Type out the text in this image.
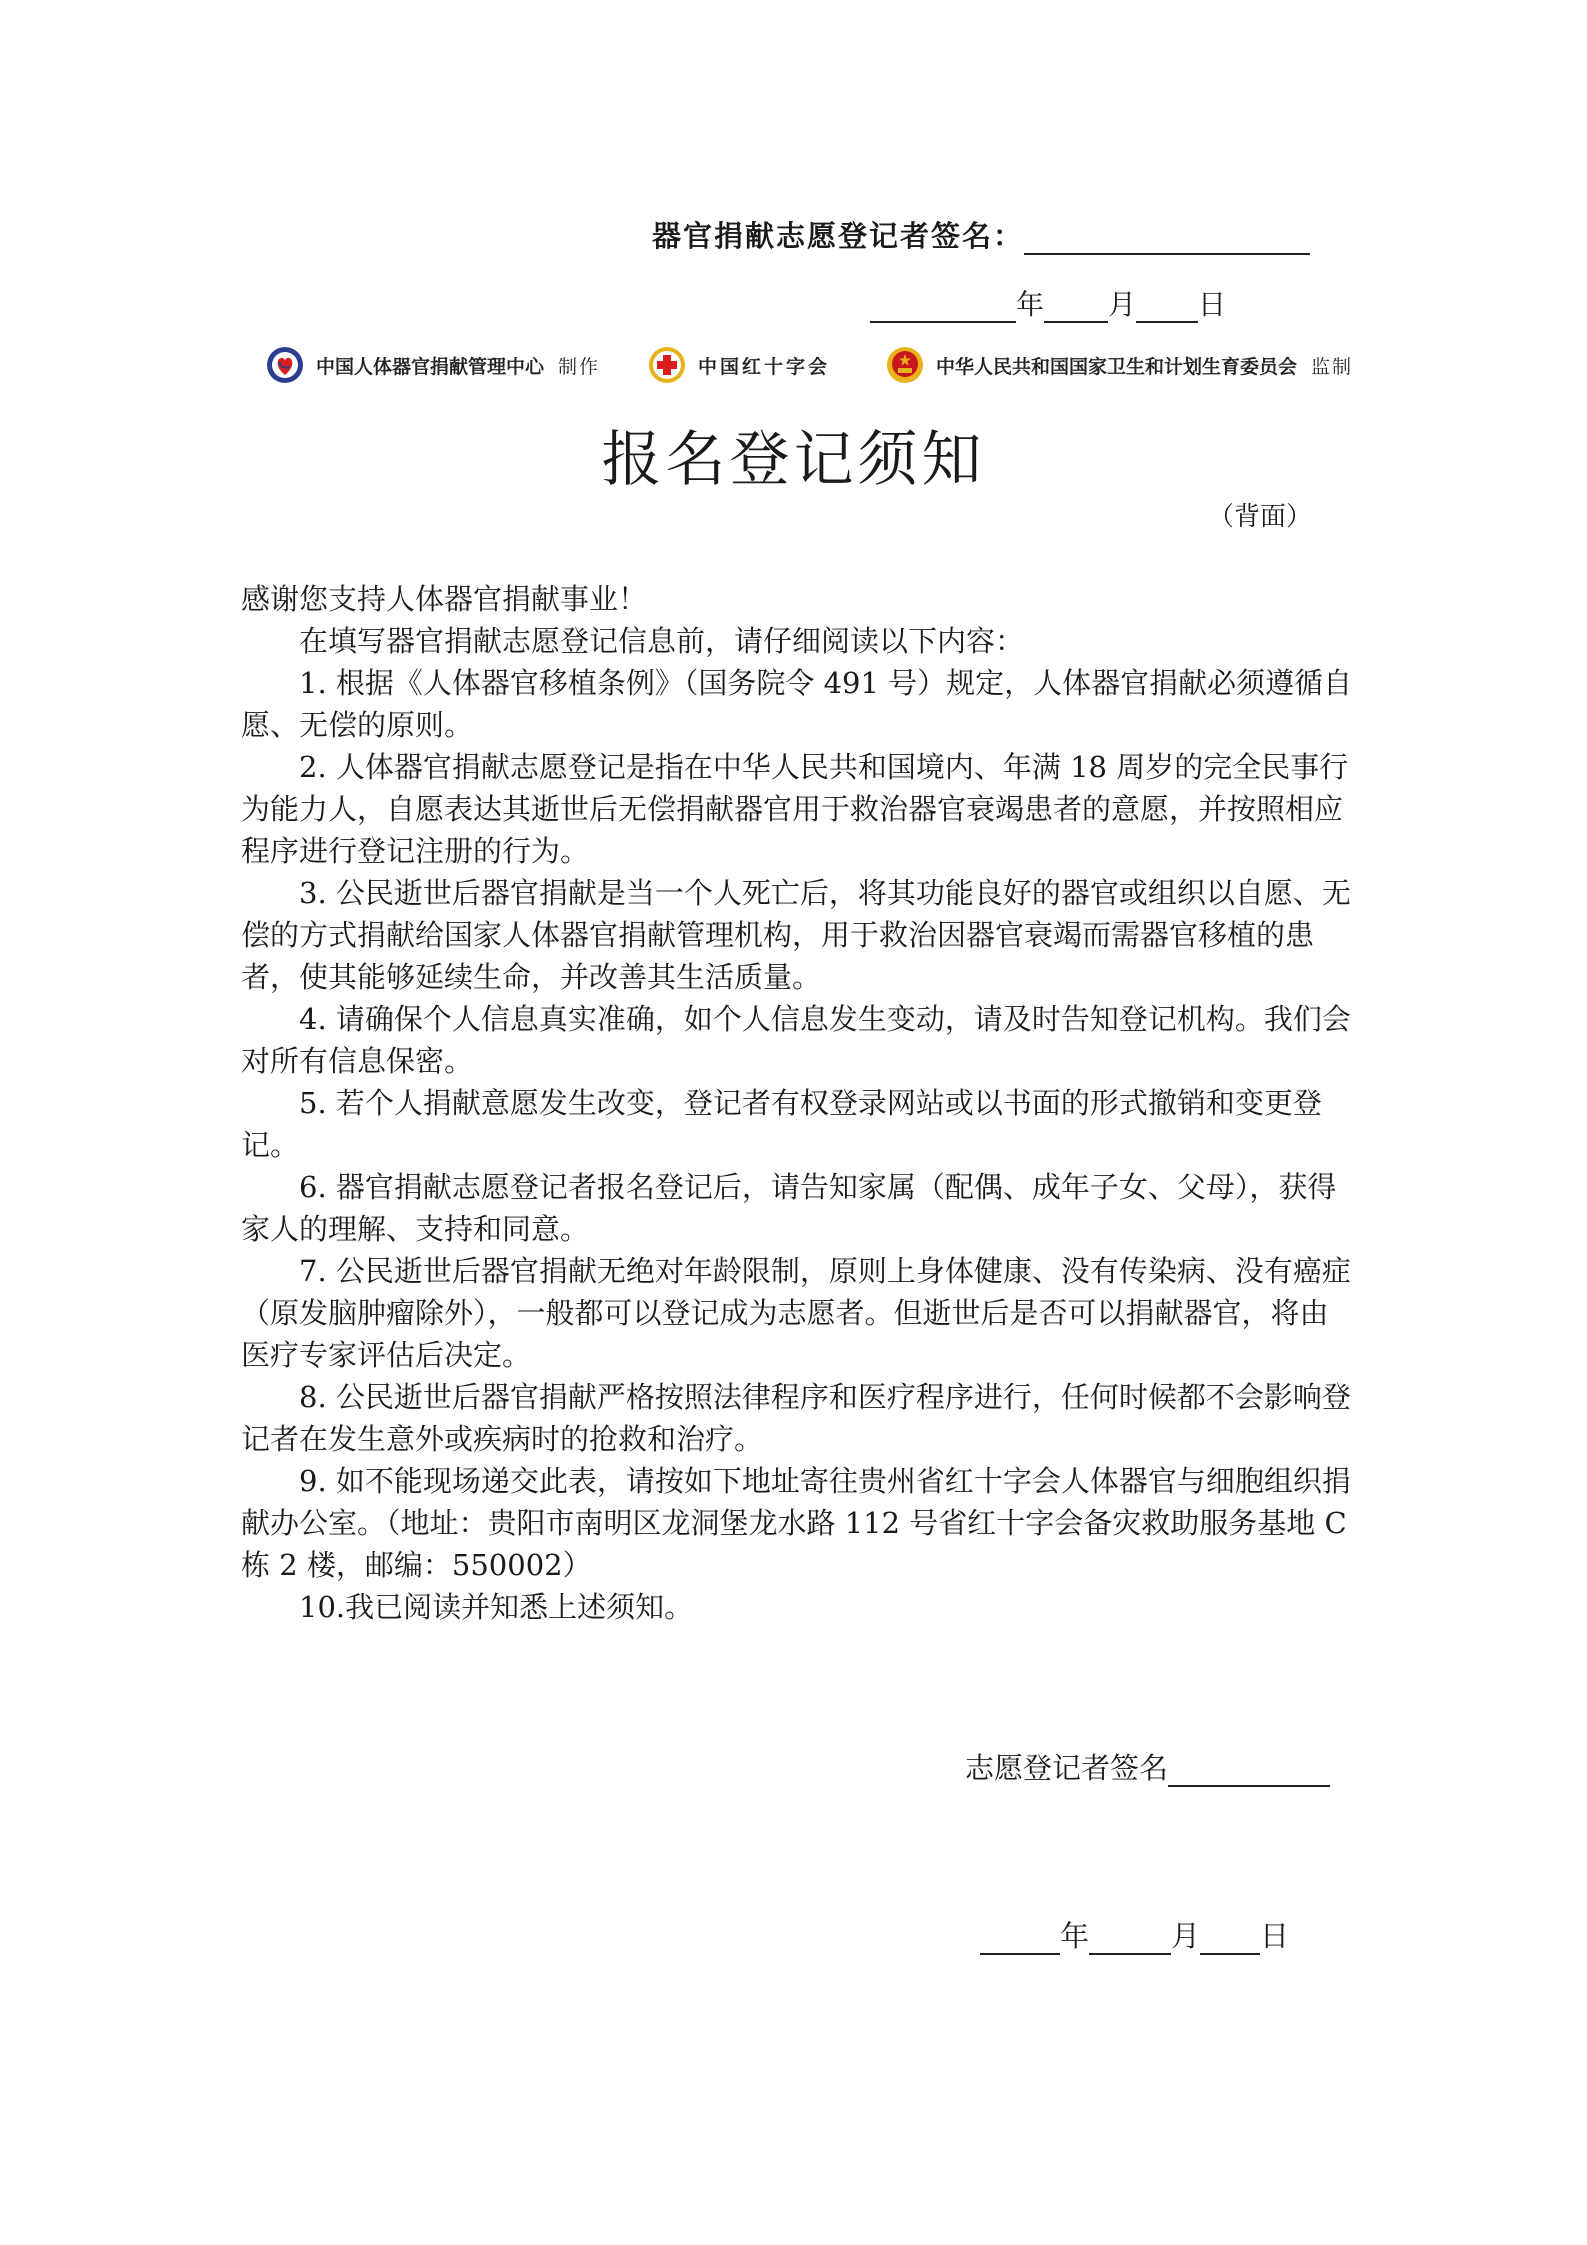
器官捐献志愿登记者签名：
年 月 日
中国人体器官捐献管理中心 制作	中国红十字会	中华人民共和国国家卫生和计划生育委员会 监制
报名登记须知
（背面）

感谢您支持人体器官捐献事业！

在填写器官捐献志愿登记信息前，请仔细阅读以下内容：

1. 根据《人体器官移植条例》（国务院令 491 号）规定，人体器官捐献必须遵循自愿、无偿的原则。

2. 人体器官捐献志愿登记是指在中华人民共和国境内、年满 18 周岁的完全民事行为能力人，自愿表达其逝世后无偿捐献器官用于救治器官衰竭患者的意愿，并按照相应程序进行登记注册的行为。

3. 公民逝世后器官捐献是当一个人死亡后，将其功能良好的器官或组织以自愿、无偿的方式捐献给国家人体器官捐献管理机构，用于救治因器官衰竭而需器官移植的患者，使其能够延续生命，并改善其生活质量。

4. 请确保个人信息真实准确，如个人信息发生变动，请及时告知登记机构。我们会对所有信息保密。

5. 若个人捐献意愿发生改变，登记者有权登录网站或以书面的形式撤销和变更登记。

6. 器官捐献志愿登记者报名登记后，请告知家属（配偶、成年子女、父母），获得家人的理解、支持和同意。

7. 公民逝世后器官捐献无绝对年龄限制，原则上身体健康、没有传染病、没有癌症（原发脑肿瘤除外），一般都可以登记成为志愿者。但逝世后是否可以捐献器官，将由医疗专家评估后决定。

8. 公民逝世后器官捐献严格按照法律程序和医疗程序进行，任何时候都不会影响登记者在发生意外或疾病时的抢救和治疗。

9. 如不能现场递交此表，请按如下地址寄往贵州省红十字会人体器官与细胞组织捐献办公室。（地址：贵阳市南明区龙洞堡龙水路 112 号省红十字会备灾救助服务基地 C 栋 2 楼，邮编：550002）

10.我已阅读并知悉上述须知。

志愿登记者签名
年	月 日
